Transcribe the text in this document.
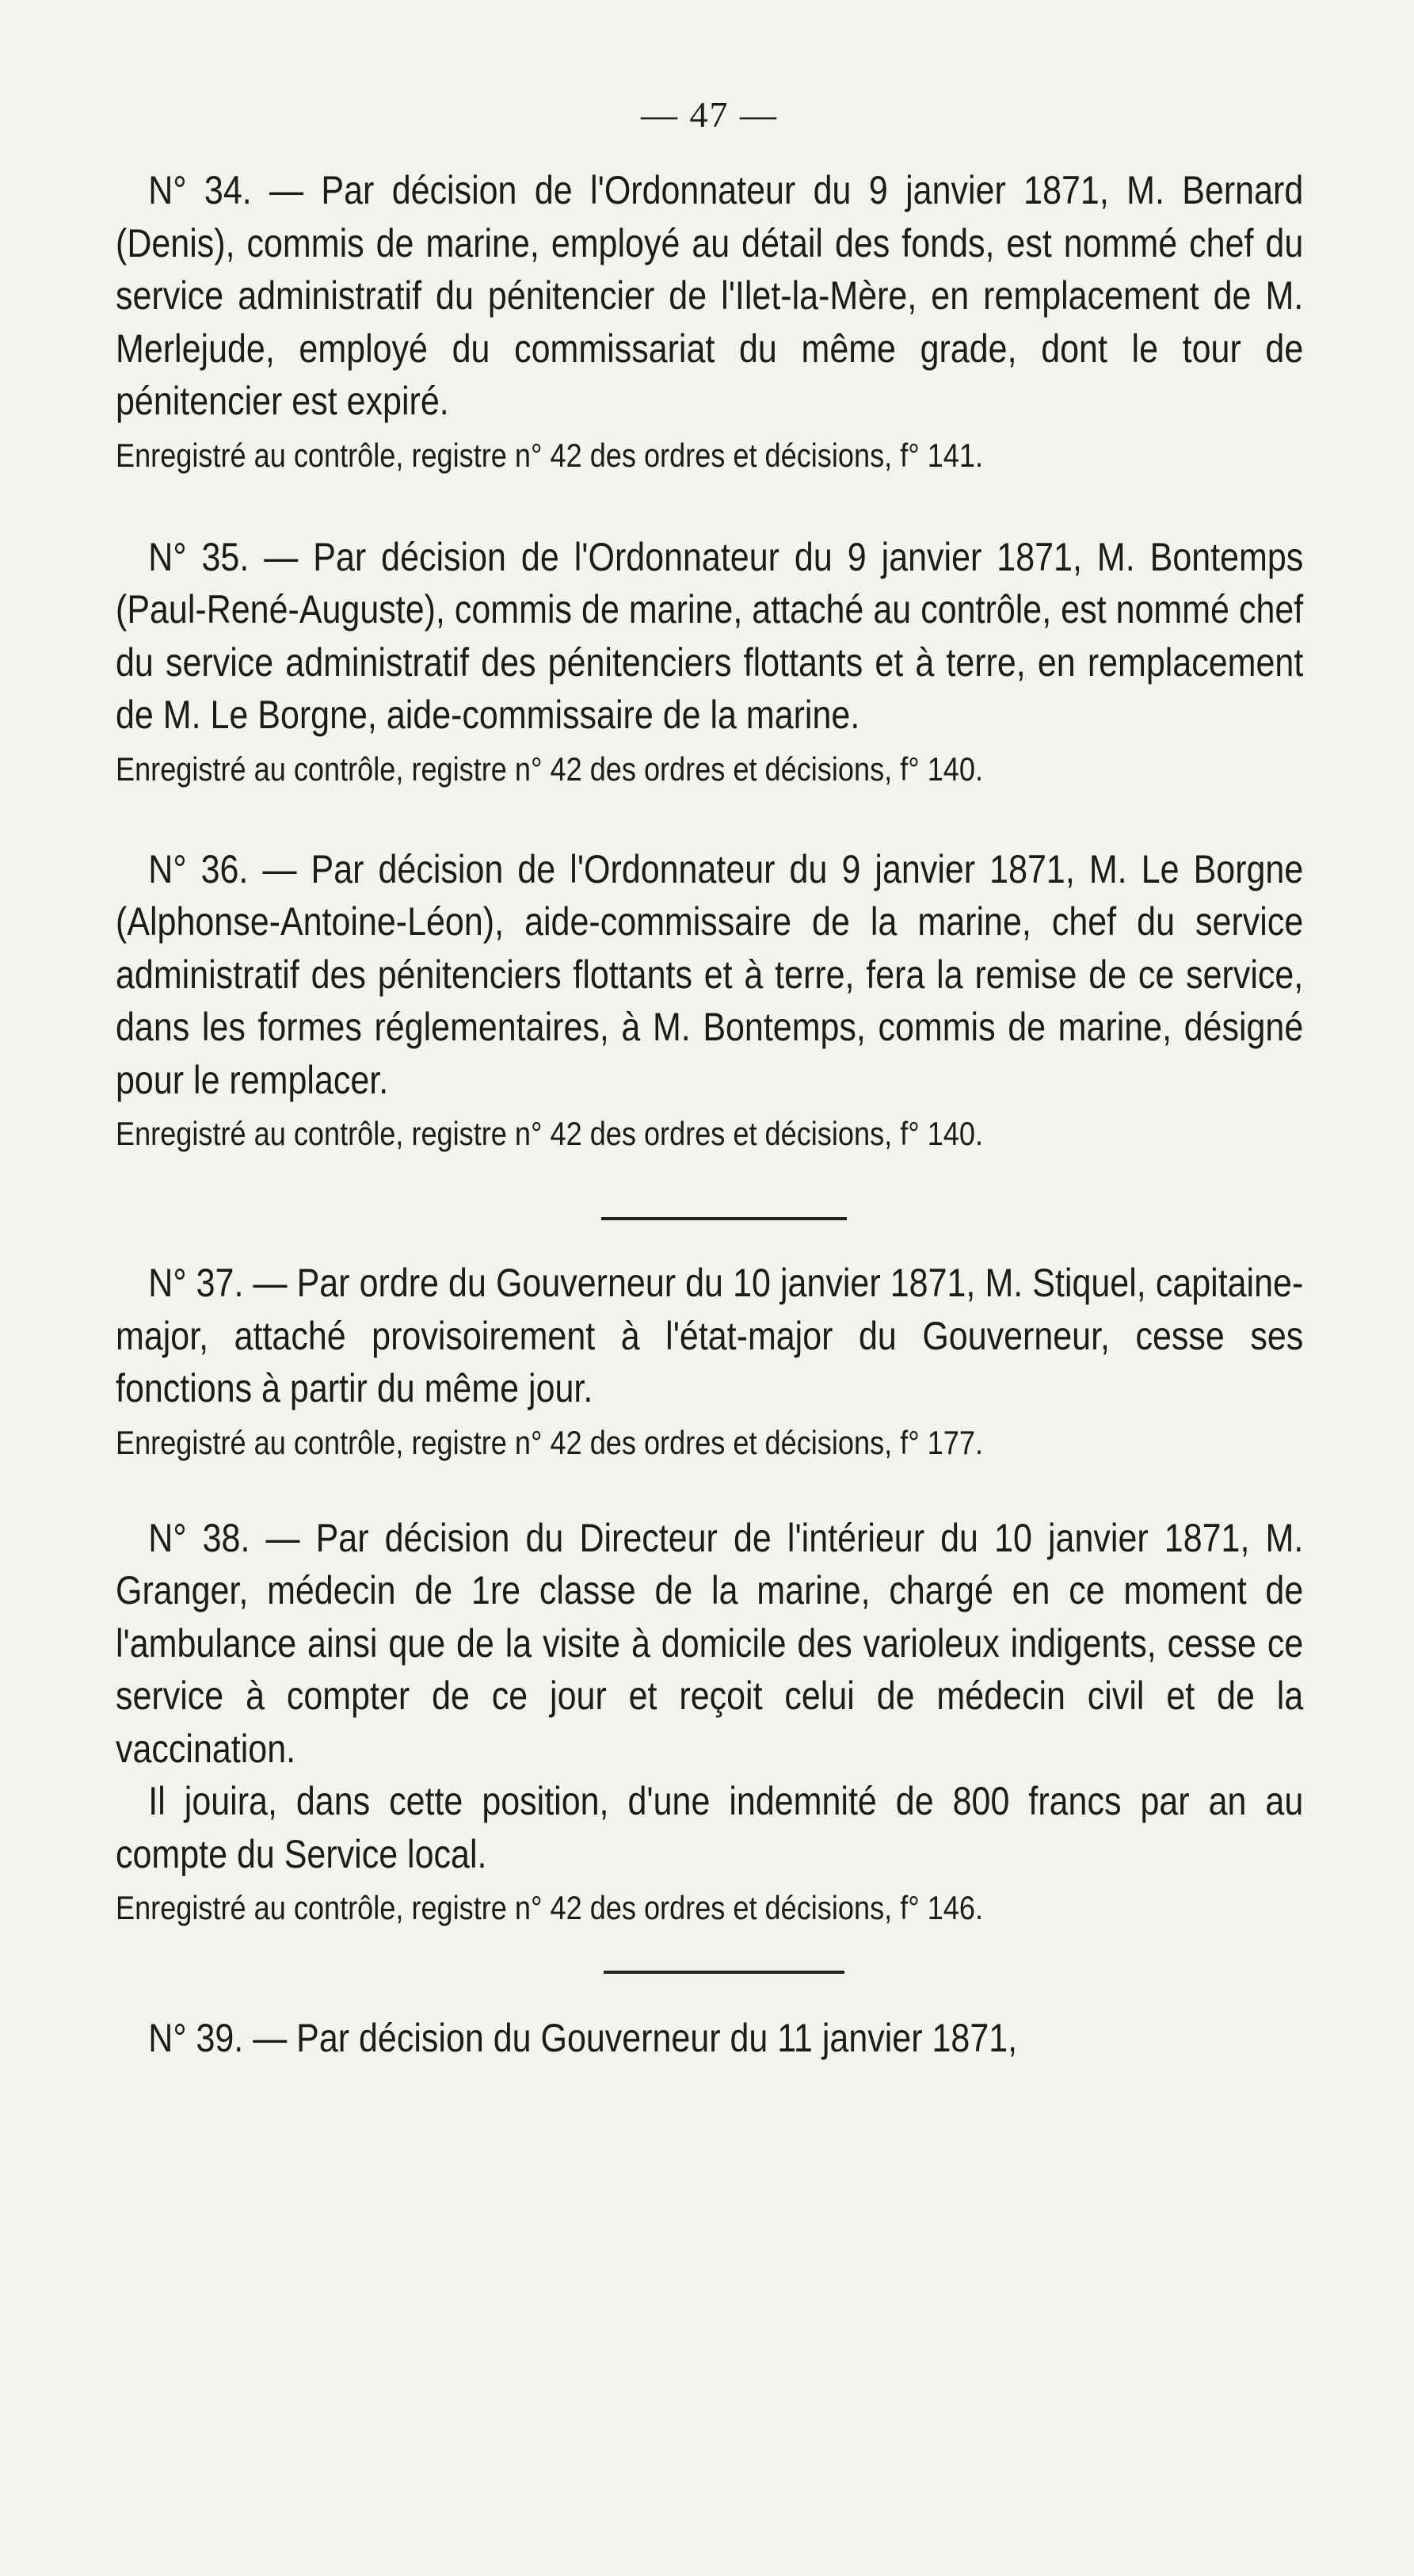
— 47 —

N° 34. — Par décision de l'Ordonnateur du 9 janvier 1871, M. Bernard (Denis), commis de marine, employé au détail des fonds, est nommé chef du service administratif du pénitencier de l'Ilet-la-Mère, en remplacement de M. Merlejude, employé du commissariat du même grade, dont le tour de pénitencier est expiré.

Enregistré au contrôle, registre n° 42 des ordres et décisions, f° 141.

N° 35. — Par décision de l'Ordonnateur du 9 janvier 1871, M. Bontemps (Paul-René-Auguste), commis de marine, attaché au contrôle, est nommé chef du service administratif des pénitenciers flottants et à terre, en remplacement de M. Le Borgne, aide-commissaire de la marine.

Enregistré au contrôle, registre n° 42 des ordres et décisions, f° 140.

N° 36. — Par décision de l'Ordonnateur du 9 janvier 1871, M. Le Borgne (Alphonse-Antoine-Léon), aide-commissaire de la marine, chef du service administratif des pénitenciers flottants et à terre, fera la remise de ce service, dans les formes réglementaires, à M. Bontemps, commis de marine, désigné pour le remplacer.

Enregistré au contrôle, registre n° 42 des ordres et décisions, f° 140.

N° 37. — Par ordre du Gouverneur du 10 janvier 1871, M. Stiquel, capitaine-major, attaché provisoirement à l'état-major du Gouverneur, cesse ses fonctions à partir du même jour.

Enregistré au contrôle, registre n° 42 des ordres et décisions, f° 177.

N° 38. — Par décision du Directeur de l'intérieur du 10 janvier 1871, M. Granger, médecin de 1re classe de la marine, chargé en ce moment de l'ambulance ainsi que de la visite à domicile des varioleux indigents, cesse ce service à compter de ce jour et reçoit celui de médecin civil et de la vaccination.

Il jouira, dans cette position, d'une indemnité de 800 francs par an au compte du Service local.

Enregistré au contrôle, registre n° 42 des ordres et décisions, f° 146.

N° 39. — Par décision du Gouverneur du 11 janvier 1871,
